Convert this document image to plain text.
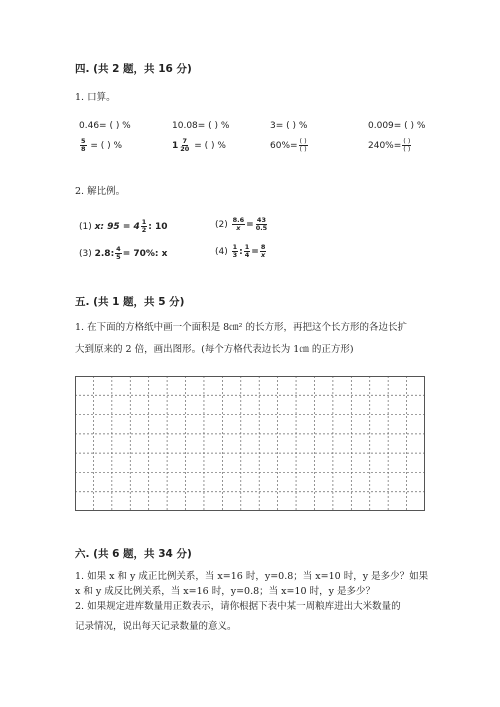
四. (共 2 题，共 16 分)
1. 口算。
0.46= ( ) %	10.08= ( ) %	3= ( ) %	0.009= ( ) %
$\frac{5}{8}$ = ( ) %	$1 \frac{7}{20}$ = ( ) %	$60\%= \frac{( )}{( )}$	$240\%= \frac{( )}{( )}$
2. 解比例。
(1) x: $95 = 4 \frac{1}{2}$ : 10	$(2) \frac{8.6}{x} = \frac{43}{0.5}$
(3) 2.8: $\frac{4}{5} = 70\%$: x	$(4) \frac{1}{3}$ : $\frac{1}{4} = \frac{8}{x}$
五. (共 1 题，共 5 分)
1. 在下面的方格纸中画一个面积是 8㎝² 的长方形，再把这个长方形的各边长扩
大到原来的 2 倍，画出图形。(每个方格代表边长为 1㎝ 的正方形)
六. (共 6 题，共 34 分)
1. 如果 x 和 y 成正比例关系，当 x=16 时，y=0.8；当 x=10 时，y 是多少？如果
x 和 y 成反比例关系，当 x=16 时，y=0.8；当 x=10 时，y 是多少？
2. 如果规定进库数量用正数表示，请你根据下表中某一周粮库进出大米数量的
记录情况，说出每天记录数量的意义。
